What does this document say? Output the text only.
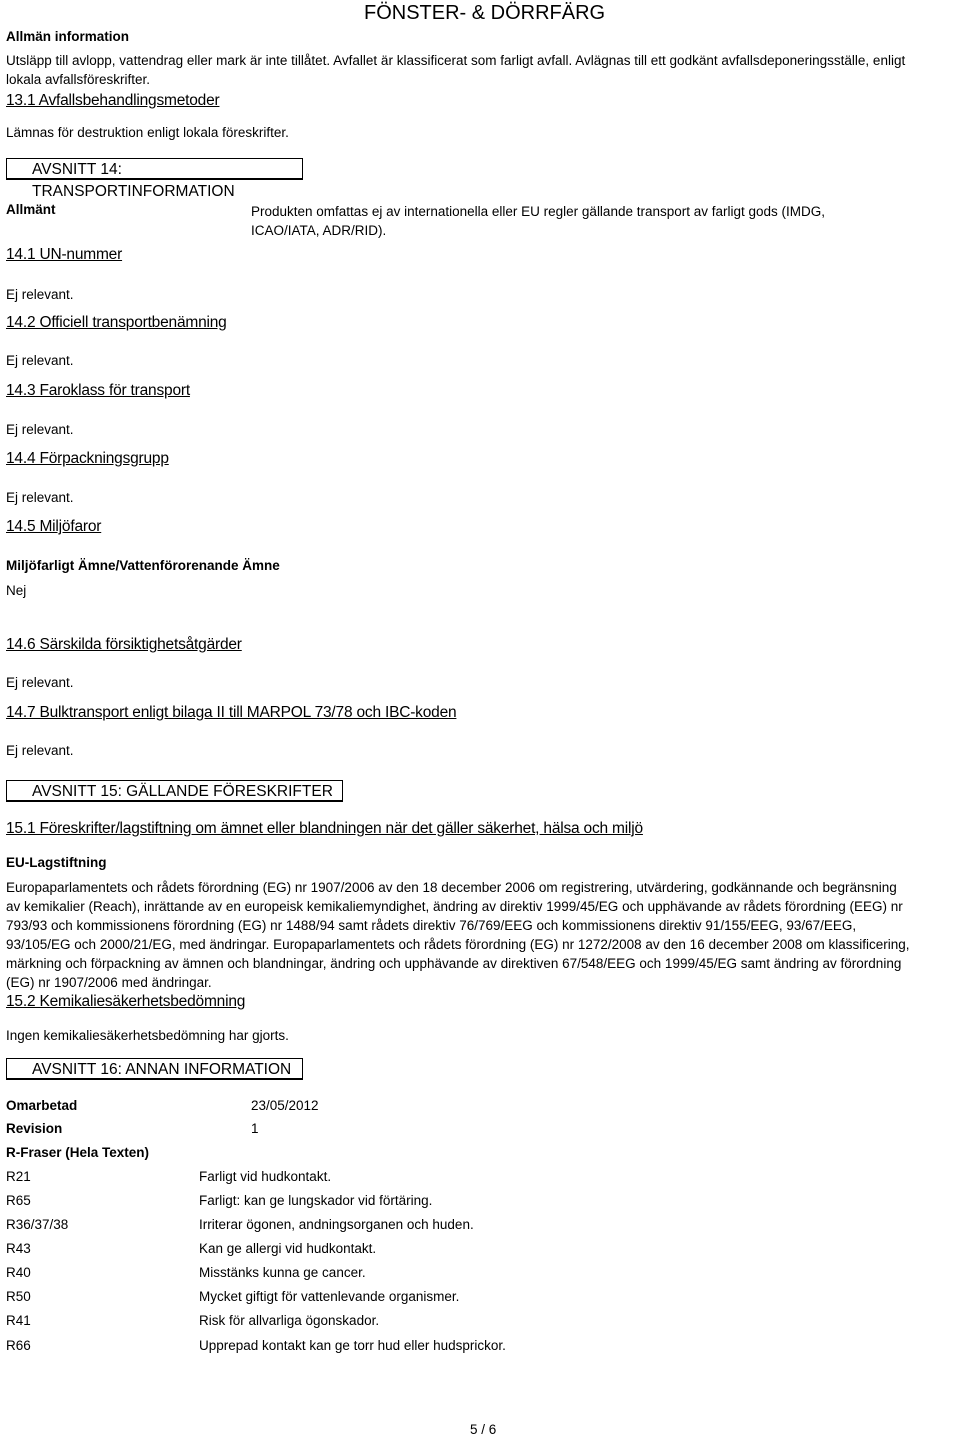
FÖNSTER- & DÖRRFÄRG
Allmän information
Utsläpp till avlopp, vattendrag eller mark är inte tillåtet. Avfallet är klassificerat som farligt avfall. Avlägnas till ett godkänt avfallsdeponeringsställe, enligt lokala avfallsföreskrifter.
13.1 Avfallsbehandlingsmetoder
Lämnas för destruktion enligt lokala föreskrifter.
AVSNITT 14: TRANSPORTINFORMATION
Allmänt	Produkten omfattas ej av internationella eller EU regler gällande transport av farligt gods (IMDG, ICAO/IATA, ADR/RID).
14.1 UN-nummer
Ej relevant.
14.2 Officiell transportbenämning
Ej relevant.
14.3 Faroklass för transport
Ej relevant.
14.4 Förpackningsgrupp
Ej relevant.
14.5 Miljöfaror
Miljöfarligt Ämne/Vattenförorenande Ämne
Nej
14.6 Särskilda försiktighetsåtgärder
Ej relevant.
14.7 Bulktransport enligt bilaga II till MARPOL 73/78 och IBC-koden
Ej relevant.
AVSNITT 15: GÄLLANDE FÖRESKRIFTER
15.1 Föreskrifter/lagstiftning om ämnet eller blandningen när det gäller säkerhet, hälsa och miljö
EU-Lagstiftning
Europaparlamentets och rådets förordning (EG) nr 1907/2006 av den 18 december 2006 om registrering, utvärdering, godkännande och begränsning av kemikalier (Reach), inrättande av en europeisk kemikaliemyndighet, ändring av direktiv 1999/45/EG och upphävande av rådets förordning (EEG) nr 793/93 och kommissionens förordning (EG) nr 1488/94 samt rådets direktiv 76/769/EEG och kommissionens direktiv 91/155/EEG, 93/67/EEG, 93/105/EG och 2000/21/EG, med ändringar. Europaparlamentets och rådets förordning (EG) nr 1272/2008 av den 16 december 2008 om klassificering, märkning och förpackning av ämnen och blandningar, ändring och upphävande av direktiven 67/548/EEG och 1999/45/EG samt ändring av förordning (EG) nr 1907/2006 med ändringar.
15.2 Kemikaliesäkerhetsbedömning
Ingen kemikaliesäkerhetsbedömning har gjorts.
AVSNITT 16: ANNAN INFORMATION
Omarbetad	23/05/2012
Revision	1
R-Fraser (Hela Texten)
R21	Farligt vid hudkontakt.
R65	Farligt: kan ge lungskador vid förtäring.
R36/37/38	Irriterar ögonen, andningsorganen och huden.
R43	Kan ge allergi vid hudkontakt.
R40	Misstänks kunna ge cancer.
R50	Mycket giftigt för vattenlevande organismer.
R41	Risk för allvarliga ögonskador.
R66	Upprepad kontakt kan ge torr hud eller hudsprickor.
5 / 6
